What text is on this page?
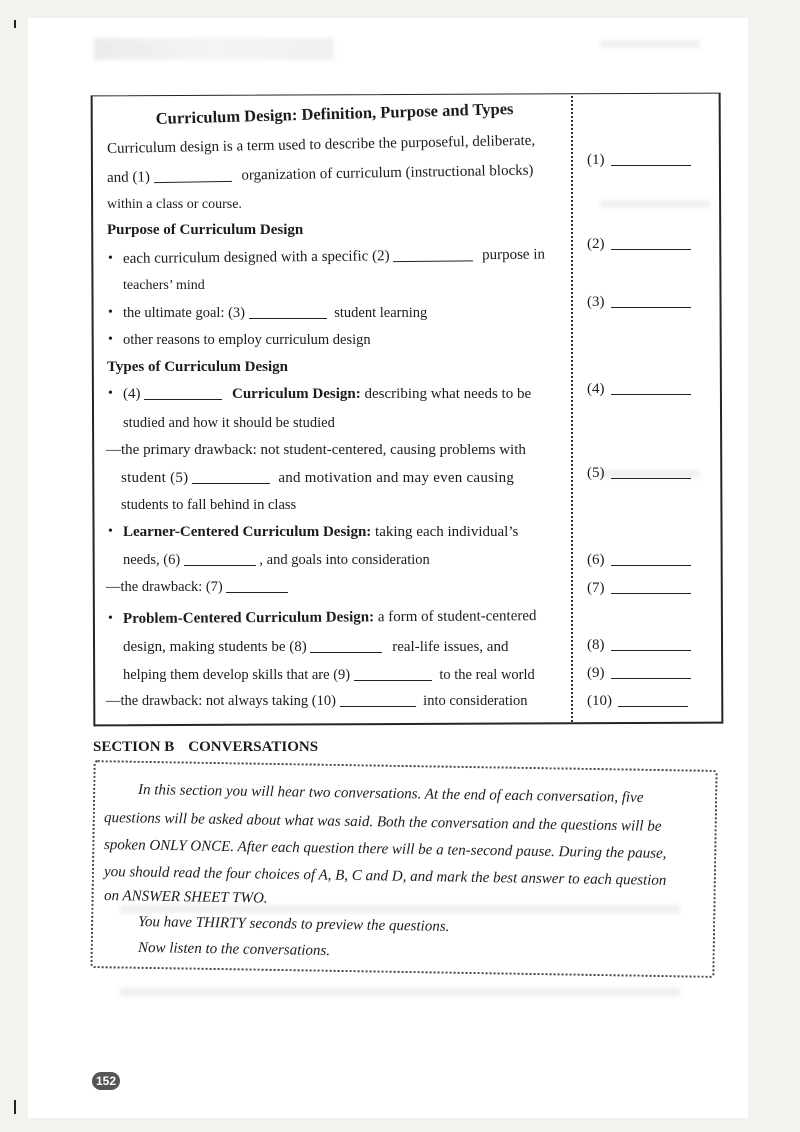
Curriculum Design: Definition, Purpose and Types
Curriculum design is a term used to describe the purposeful, deliberate,
and (1)	organization of curriculum (instructional blocks)
within a class or course.
Purpose of Curriculum Design
• each curriculum designed with a specific (2)	purpose in
teachers’ mind
• the ultimate goal: (3)	student learning
• other reasons to employ curriculum design
Types of Curriculum Design
• (4)	Curriculum Design: describing what needs to be
studied and how it should be studied
—the primary drawback: not student-centered, causing problems with
student (5)	and motivation and may even causing
students to fall behind in class
• Learner-Centered Curriculum Design: taking each individual’s
needs, (6)	, and goals into consideration
—the drawback: (7)
• Problem-Centered Curriculum Design: a form of student-centered
design, making students be (8)	real-life issues, and
helping them develop skills that are (9)	to the real world
—the drawback: not always taking (10)	into consideration
(1)
(2)
(3)
(4)
(5)
(6)
(7)
(8)
(9)
(10)
SECTION B CONVERSATIONS
In this section you will hear two conversations. At the end of each conversation, five
questions will be asked about what was said. Both the conversation and the questions will be
spoken ONLY ONCE. After each question there will be a ten-second pause. During the pause,
you should read the four choices of A, B, C and D, and mark the best answer to each question
on ANSWER SHEET TWO.
You have THIRTY seconds to preview the questions.
Now listen to the conversations.
152
